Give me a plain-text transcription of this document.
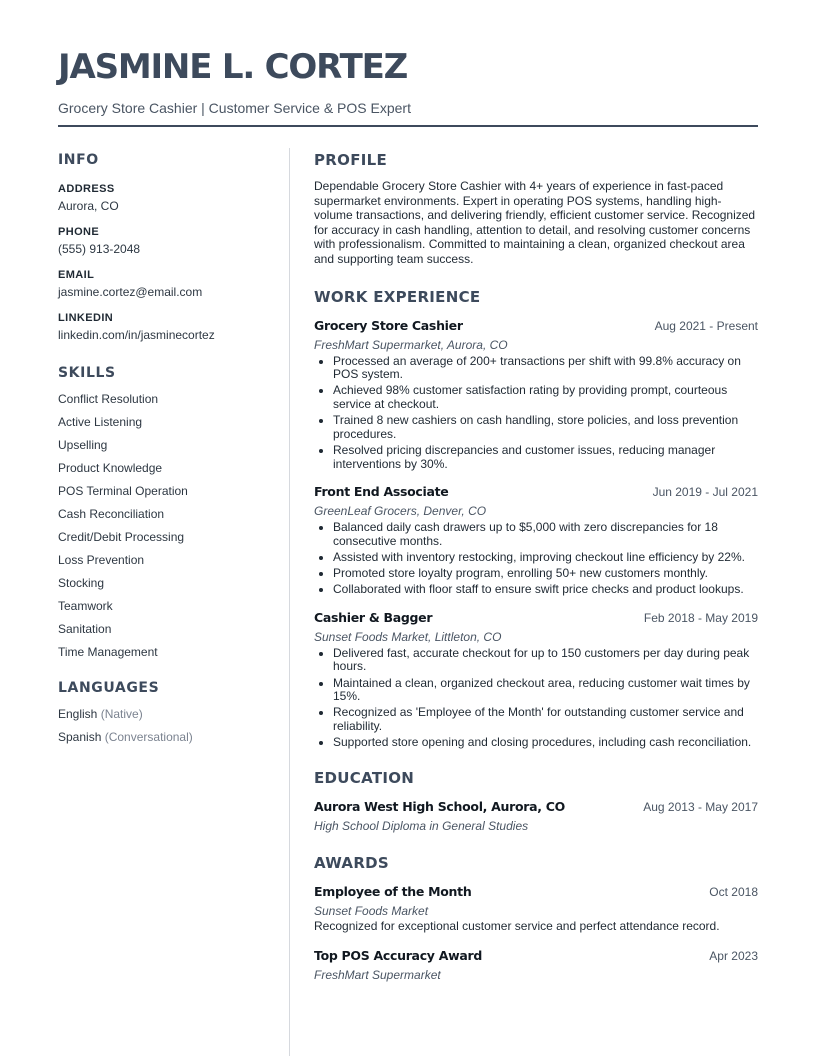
JASMINE L. CORTEZ
Grocery Store Cashier | Customer Service & POS Expert
INFO
ADDRESS
Aurora, CO
PHONE
(555) 913-2048
EMAIL
jasmine.cortez@email.com
LINKEDIN
linkedin.com/in/jasminecortez
SKILLS
Conflict Resolution
Active Listening
Upselling
Product Knowledge
POS Terminal Operation
Cash Reconciliation
Credit/Debit Processing
Loss Prevention
Stocking
Teamwork
Sanitation
Time Management
LANGUAGES
English (Native)
Spanish (Conversational)
PROFILE
Dependable Grocery Store Cashier with 4+ years of experience in fast-paced supermarket environments. Expert in operating POS systems, handling high-volume transactions, and delivering friendly, efficient customer service. Recognized for accuracy in cash handling, attention to detail, and resolving customer concerns with professionalism. Committed to maintaining a clean, organized checkout area and supporting team success.
WORK EXPERIENCE
Grocery Store Cashier	Aug 2021 - Present
FreshMart Supermarket, Aurora, CO
• Processed an average of 200+ transactions per shift with 99.8% accuracy on POS system.
• Achieved 98% customer satisfaction rating by providing prompt, courteous service at checkout.
• Trained 8 new cashiers on cash handling, store policies, and loss prevention procedures.
• Resolved pricing discrepancies and customer issues, reducing manager interventions by 30%.
Front End Associate	Jun 2019 - Jul 2021
GreenLeaf Grocers, Denver, CO
• Balanced daily cash drawers up to $5,000 with zero discrepancies for 18 consecutive months.
• Assisted with inventory restocking, improving checkout line efficiency by 22%.
• Promoted store loyalty program, enrolling 50+ new customers monthly.
• Collaborated with floor staff to ensure swift price checks and product lookups.
Cashier & Bagger	Feb 2018 - May 2019
Sunset Foods Market, Littleton, CO
• Delivered fast, accurate checkout for up to 150 customers per day during peak hours.
• Maintained a clean, organized checkout area, reducing customer wait times by 15%.
• Recognized as 'Employee of the Month' for outstanding customer service and reliability.
• Supported store opening and closing procedures, including cash reconciliation.
EDUCATION
Aurora West High School, Aurora, CO	Aug 2013 - May 2017
High School Diploma in General Studies
AWARDS
Employee of the Month	Oct 2018
Sunset Foods Market
Recognized for exceptional customer service and perfect attendance record.
Top POS Accuracy Award	Apr 2023
FreshMart Supermarket
